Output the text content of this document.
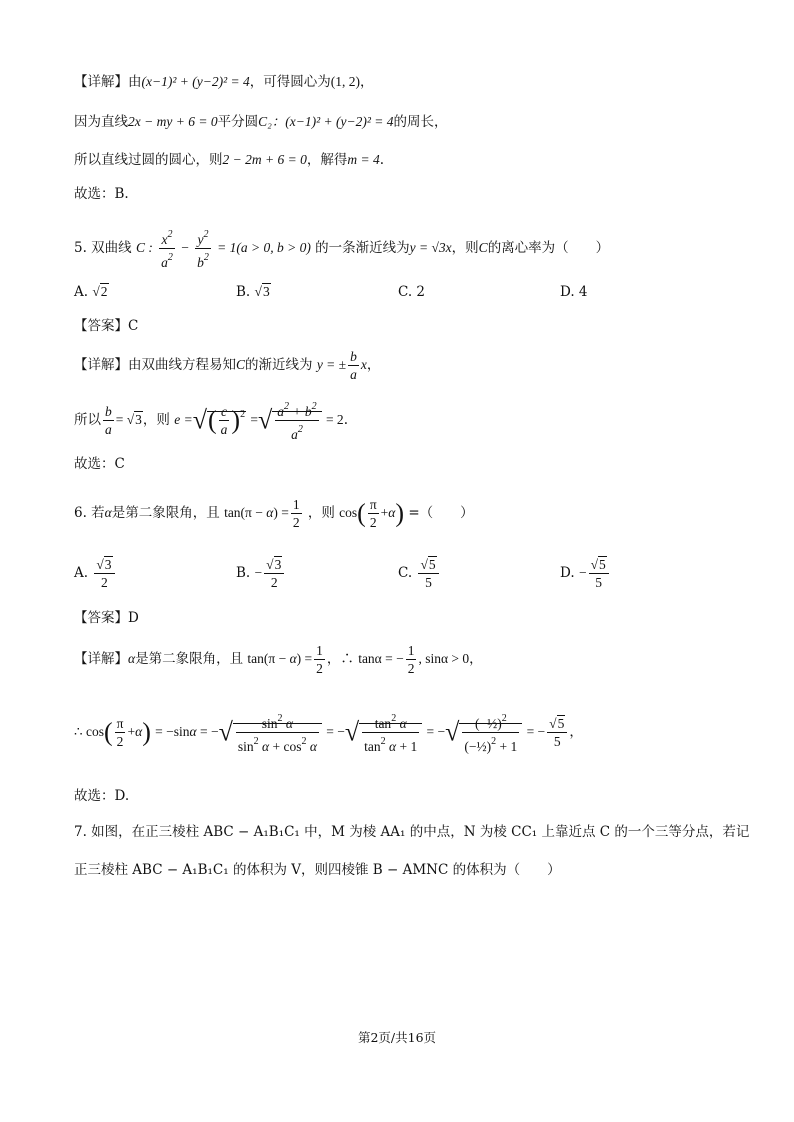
【详解】由(x−1)² + (y−2)² = 4，可得圆心为(1, 2)，
因为直线2x − my + 6 = 0平分圆C₂：(x−1)² + (y−2)² = 4的周长，
所以直线过圆的圆心，则2 − 2m + 6 = 0，解得m = 4.
故选：B.
5. 双曲线 C : $\frac{x^2}{a^2} - \frac{y^2}{b^2} = 1(a > 0$, b > 0) 的一条渐近线为y = √3x，则C的离心率为（　　）
A. √2	B. √3	C. 2	D. 4
【答案】C
【详解】由双曲线方程易知C的渐近线为 y = ± $\frac{b}{a}$ x，
所以 $\frac{b}{a} = √3$，则 e =√( $\frac{c}{a} )^2$ =√ $\frac{a^2 + b^2}{a^2} = 2$.
故选：C
6. 若α是第二象限角，且 $\tan(\pi - \alpha) = \frac{1}{2}$ ，则 $\cos( \frac{\pi}{2} +\alpha)$ =（　　）
A. $\frac{√3}{2}$	B. − $\frac{√3}{2}$	C. $\frac{√5}{5}$	D. − $\frac{√5}{5}$
【答案】D
【详解】α是第二象限角，且 $\tan(\pi - \alpha) = \frac{1}{2}$ ，∴ tanα = − $\frac{1}{2}$ , sinα > 0，
∴ $\cos( \frac{\pi}{2} +\alpha) = -\sin\alpha$ = −√ $\frac{\sin^2 \alpha}{\sin^2 \alpha + \cos^2 \alpha}$ = −√ $\frac{\tan^2 \alpha}{\tan^2 \alpha + 1}$ = −√ $\frac{(-\frac{1}{2})^2}{(-\frac{1}{2})^2 + 1}$ = − $\frac{√5}{5}$ ，
故选：D.
7. 如图，在正三棱柱 ABC − A₁B₁C₁ 中，M 为棱 AA₁ 的中点，N 为棱 CC₁ 上靠近点 C 的一个三等分点，若记
正三棱柱 ABC − A₁B₁C₁ 的体积为 V，则四棱锥 B − AMNC 的体积为（　　）
第2页/共16页
